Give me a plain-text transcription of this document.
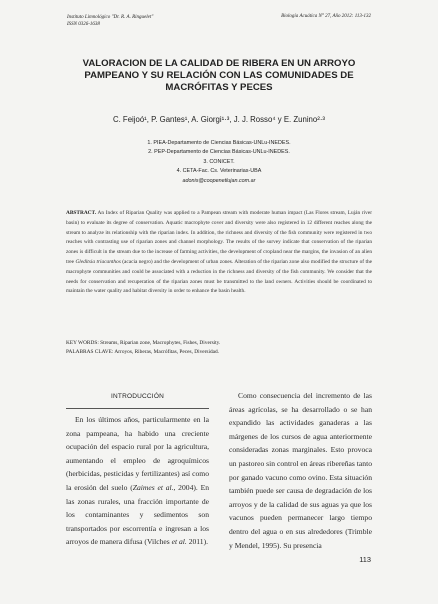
Instituto Limnológico "Dr. R. A. Ringuelet"
ISSN 0326-1638
Biología Acuática N° 27, Año 2012: 113-132
VALORACION DE LA CALIDAD DE RIBERA EN UN ARROYO PAMPEANO Y SU RELACIÓN CON LAS COMUNIDADES DE MACRÓFITAS Y PECES
C. Feijoó¹, P. Gantes¹, A. Giorgi¹·³, J. J. Rosso⁴ y E. Zunino²·³
1. PIEA-Departamento de Ciencias Básicas-UNLu-INEDES.
2. PEP-Departamento de Ciencias Básicas-UNLu-INEDES.
3. CONICET.
4. CETA-Fac. Cs. Veterinarias-UBA
adonis@coopenetlujan.com.ar
ABSTRACT. An Index of Riparian Quality was applied to a Pampean stream with moderate human impact (Las Flores stream, Luján river basin) to evaluate its degree of conservation. Aquatic macrophyte cover and diversity were also registered in 12 different reaches along the stream to analyze its relationship with the riparian index. In addition, the richness and diversity of the fish community were registered in two reaches with contrasting use of riparian zones and channel morphology. The results of the survey indicate that conservation of the riparian zones is difficult in the stream due to the increase of farming activities, the development of cropland near the margins, the invasion of an alien tree Gleditsia triacanthos (acacia negro) and the development of urban zones. Alteration of the riparian zone also modified the structure of the macrophyte communities and could be associated with a reduction in the richness and diversity of the fish community. We consider that the needs for conservation and recuperation of the riparian zones must be transmitted to the land owners. Activities should be coordinated to maintain the water quality and habitat diversity in order to enhance the basin health.
KEY WORDS: Streams, Riparian zone, Macrophytes, Fishes, Diversity.
PALABRAS CLAVE: Arroyos, Riberas, Macrófitas, Peces, Diversidad.
INTRODUCCIÓN
En los últimos años, particularmente en la zona pampeana, ha habido una creciente ocupación del espacio rural por la agricultura, aumentando el empleo de agroquímicos (herbicidas, pesticidas y fertilizantes) así como la erosión del suelo (Zaimes et al., 2004). En las zonas rurales, una fracción importante de los contaminantes y sedimentos son transportados por escorrentía e ingresan a los arroyos de manera difusa (Vilches et al. 2011).
Como consecuencia del incremento de las áreas agrícolas, se ha desarrollado o se han expandido las actividades ganaderas a las márgenes de los cursos de agua anteriormente consideradas zonas marginales. Esto provoca un pastoreo sin control en áreas ribereñas tanto por ganado vacuno como ovino. Esta situación también puede ser causa de degradación de los arroyos y de la calidad de sus aguas ya que los vacunos pueden permanecer largo tiempo dentro del agua o en sus alrededores (Trimble y Mendel, 1995). Su presencia
113
